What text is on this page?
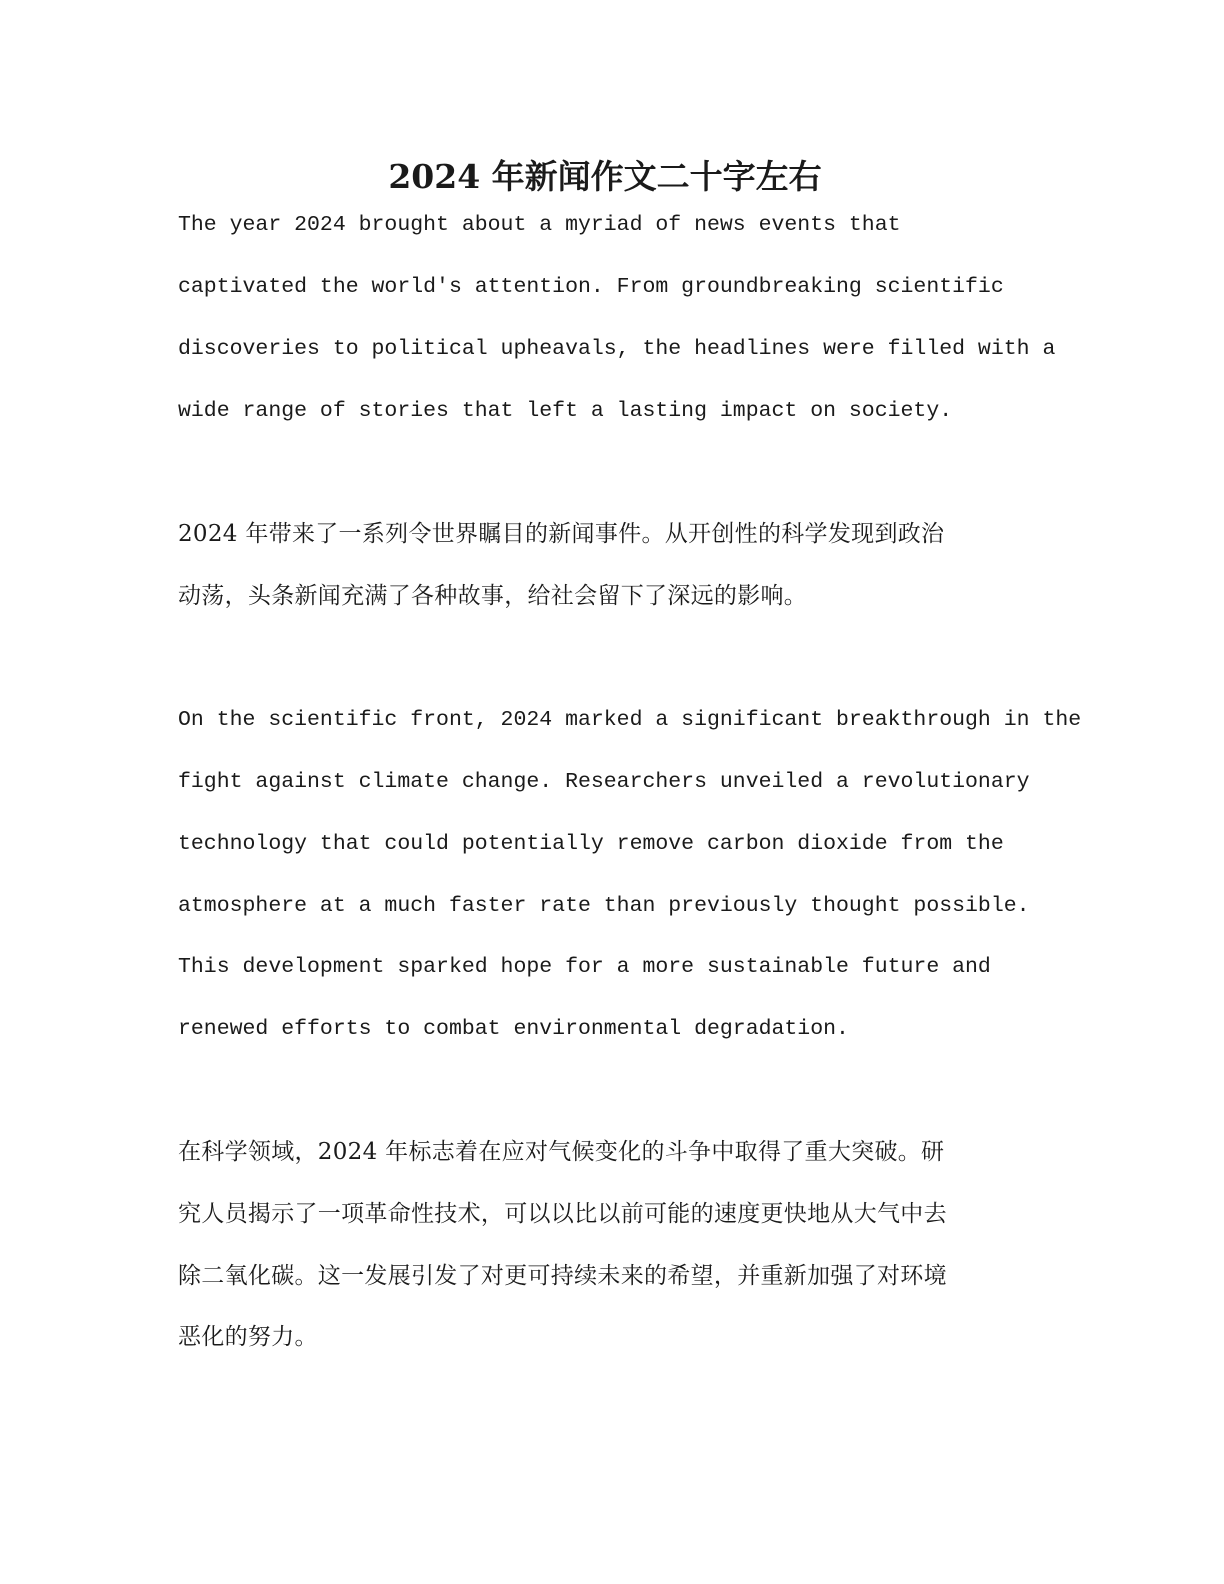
2024 年新闻作文二十字左右

The year 2024 brought about a myriad of news events that

captivated the world's attention. From groundbreaking scientific

discoveries to political upheavals, the headlines were filled with a

wide range of stories that left a lasting impact on society.

2024 年带来了一系列令世界瞩目的新闻事件。从开创性的科学发现到政治

动荡，头条新闻充满了各种故事，给社会留下了深远的影响。

On the scientific front, 2024 marked a significant breakthrough in the

fight against climate change. Researchers unveiled a revolutionary

technology that could potentially remove carbon dioxide from the

atmosphere at a much faster rate than previously thought possible.

This development sparked hope for a more sustainable future and

renewed efforts to combat environmental degradation.

在科学领域，2024 年标志着在应对气候变化的斗争中取得了重大突破。研

究人员揭示了一项革命性技术，可以以比以前可能的速度更快地从大气中去

除二氧化碳。这一发展引发了对更可持续未来的希望，并重新加强了对环境

恶化的努力。
